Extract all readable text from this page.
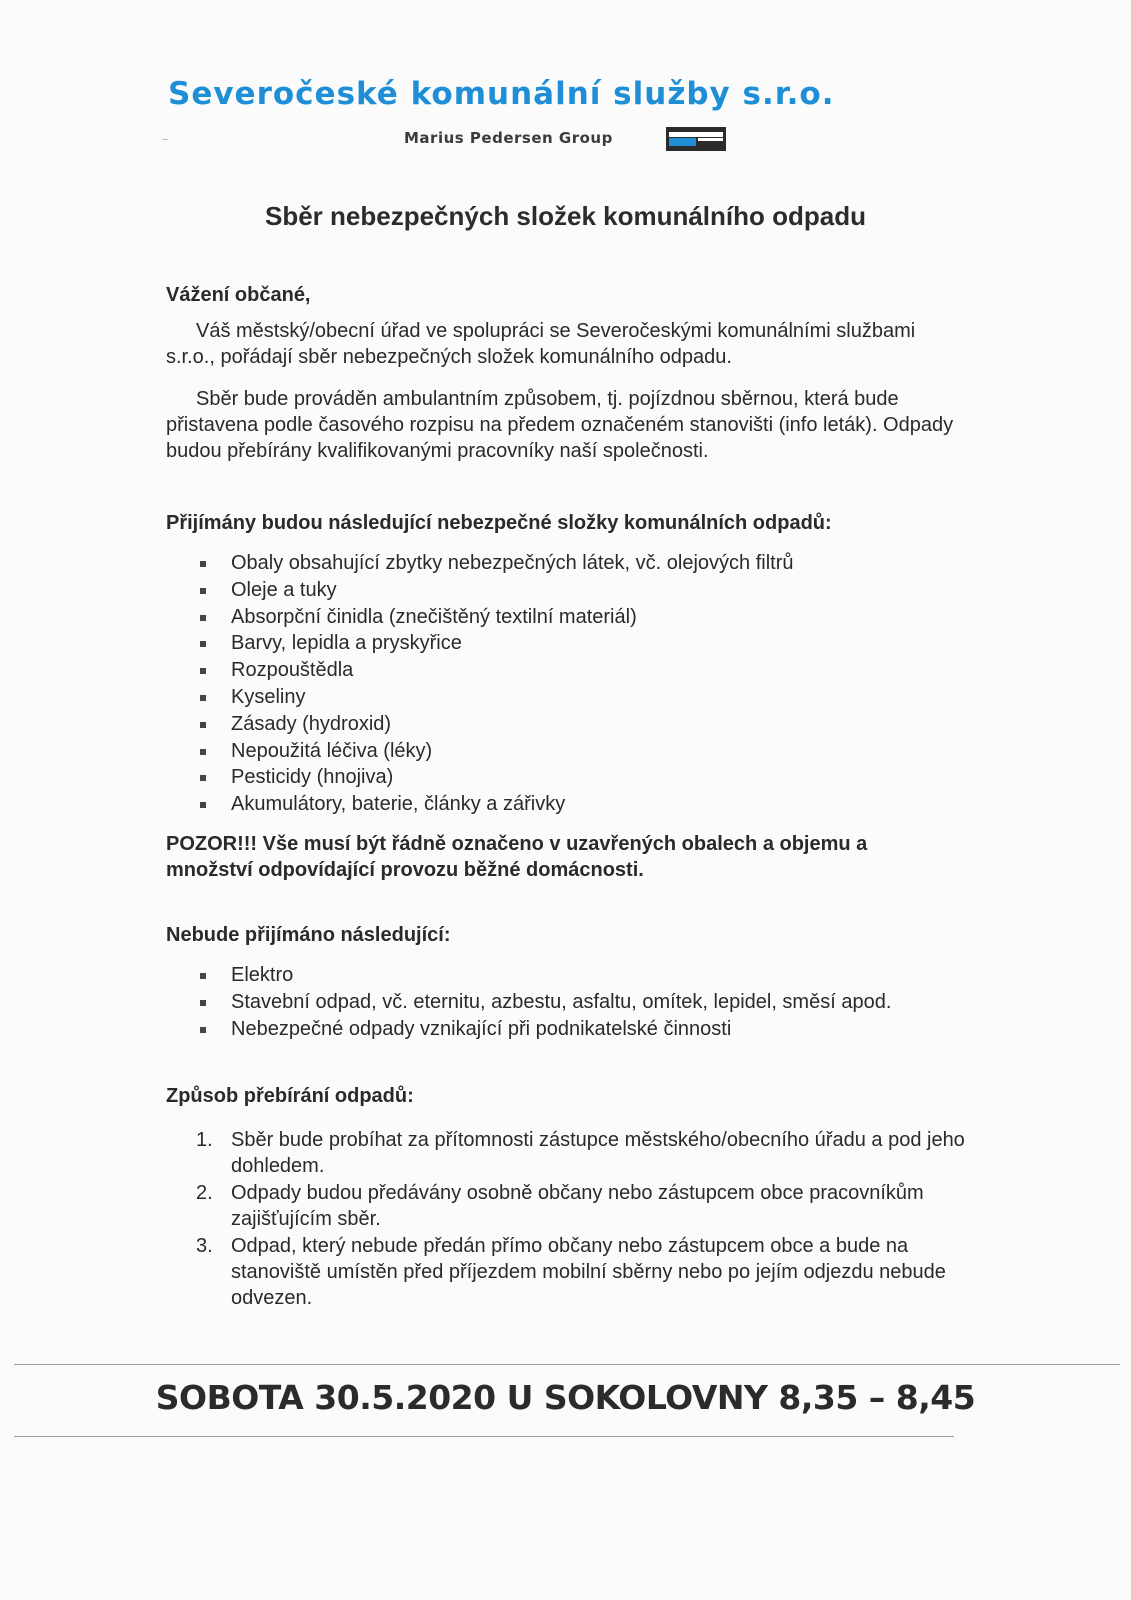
Severočeské komunální služby s.r.o.
Marius Pedersen Group
⁻
Sběr nebezpečných složek komunálního odpadu
Vážení občané,

Váš městský/obecní úřad ve spolupráci se Severočeskými komunálními službami s.r.o., pořádají sběr nebezpečných složek komunálního odpadu.

Sběr bude prováděn ambulantním způsobem, tj. pojízdnou sběrnou, která bude přistavena podle časového rozpisu na předem označeném stanovišti (info leták). Odpady budou přebírány kvalifikovanými pracovníky naší společnosti.

Přijímány budou následující nebezpečné složky komunálních odpadů:
Obaly obsahující zbytky nebezpečných látek, vč. olejových filtrů
Oleje a tuky
Absorpční činidla (znečištěný textilní materiál)
Barvy, lepidla a pryskyřice
Rozpouštědla
Kyseliny
Zásady (hydroxid)
Nepoužitá léčiva (léky)
Pesticidy (hnojiva)
Akumulátory, baterie, články a zářivky
POZOR!!! Vše musí být řádně označeno v uzavřených obalech a objemu a množství odpovídající provozu běžné domácnosti.
Nebude přijímáno následující:
Elektro
Stavební odpad, vč. eternitu, azbestu, asfaltu, omítek, lepidel, směsí apod.
Nebezpečné odpady vznikající při podnikatelské činnosti
Způsob přebírání odpadů:
1. Sběr bude probíhat za přítomnosti zástupce městského/obecního úřadu a pod jeho dohledem.
2. Odpady budou předávány osobně občany nebo zástupcem obce pracovníkům zajišťujícím sběr.
3. Odpad, který nebude předán přímo občany nebo zástupcem obce a bude na stanoviště umístěn před příjezdem mobilní sběrny nebo po jejím odjezdu nebude odvezen.
SOBOTA 30.5.2020 U SOKOLOVNY 8,35 – 8,45
